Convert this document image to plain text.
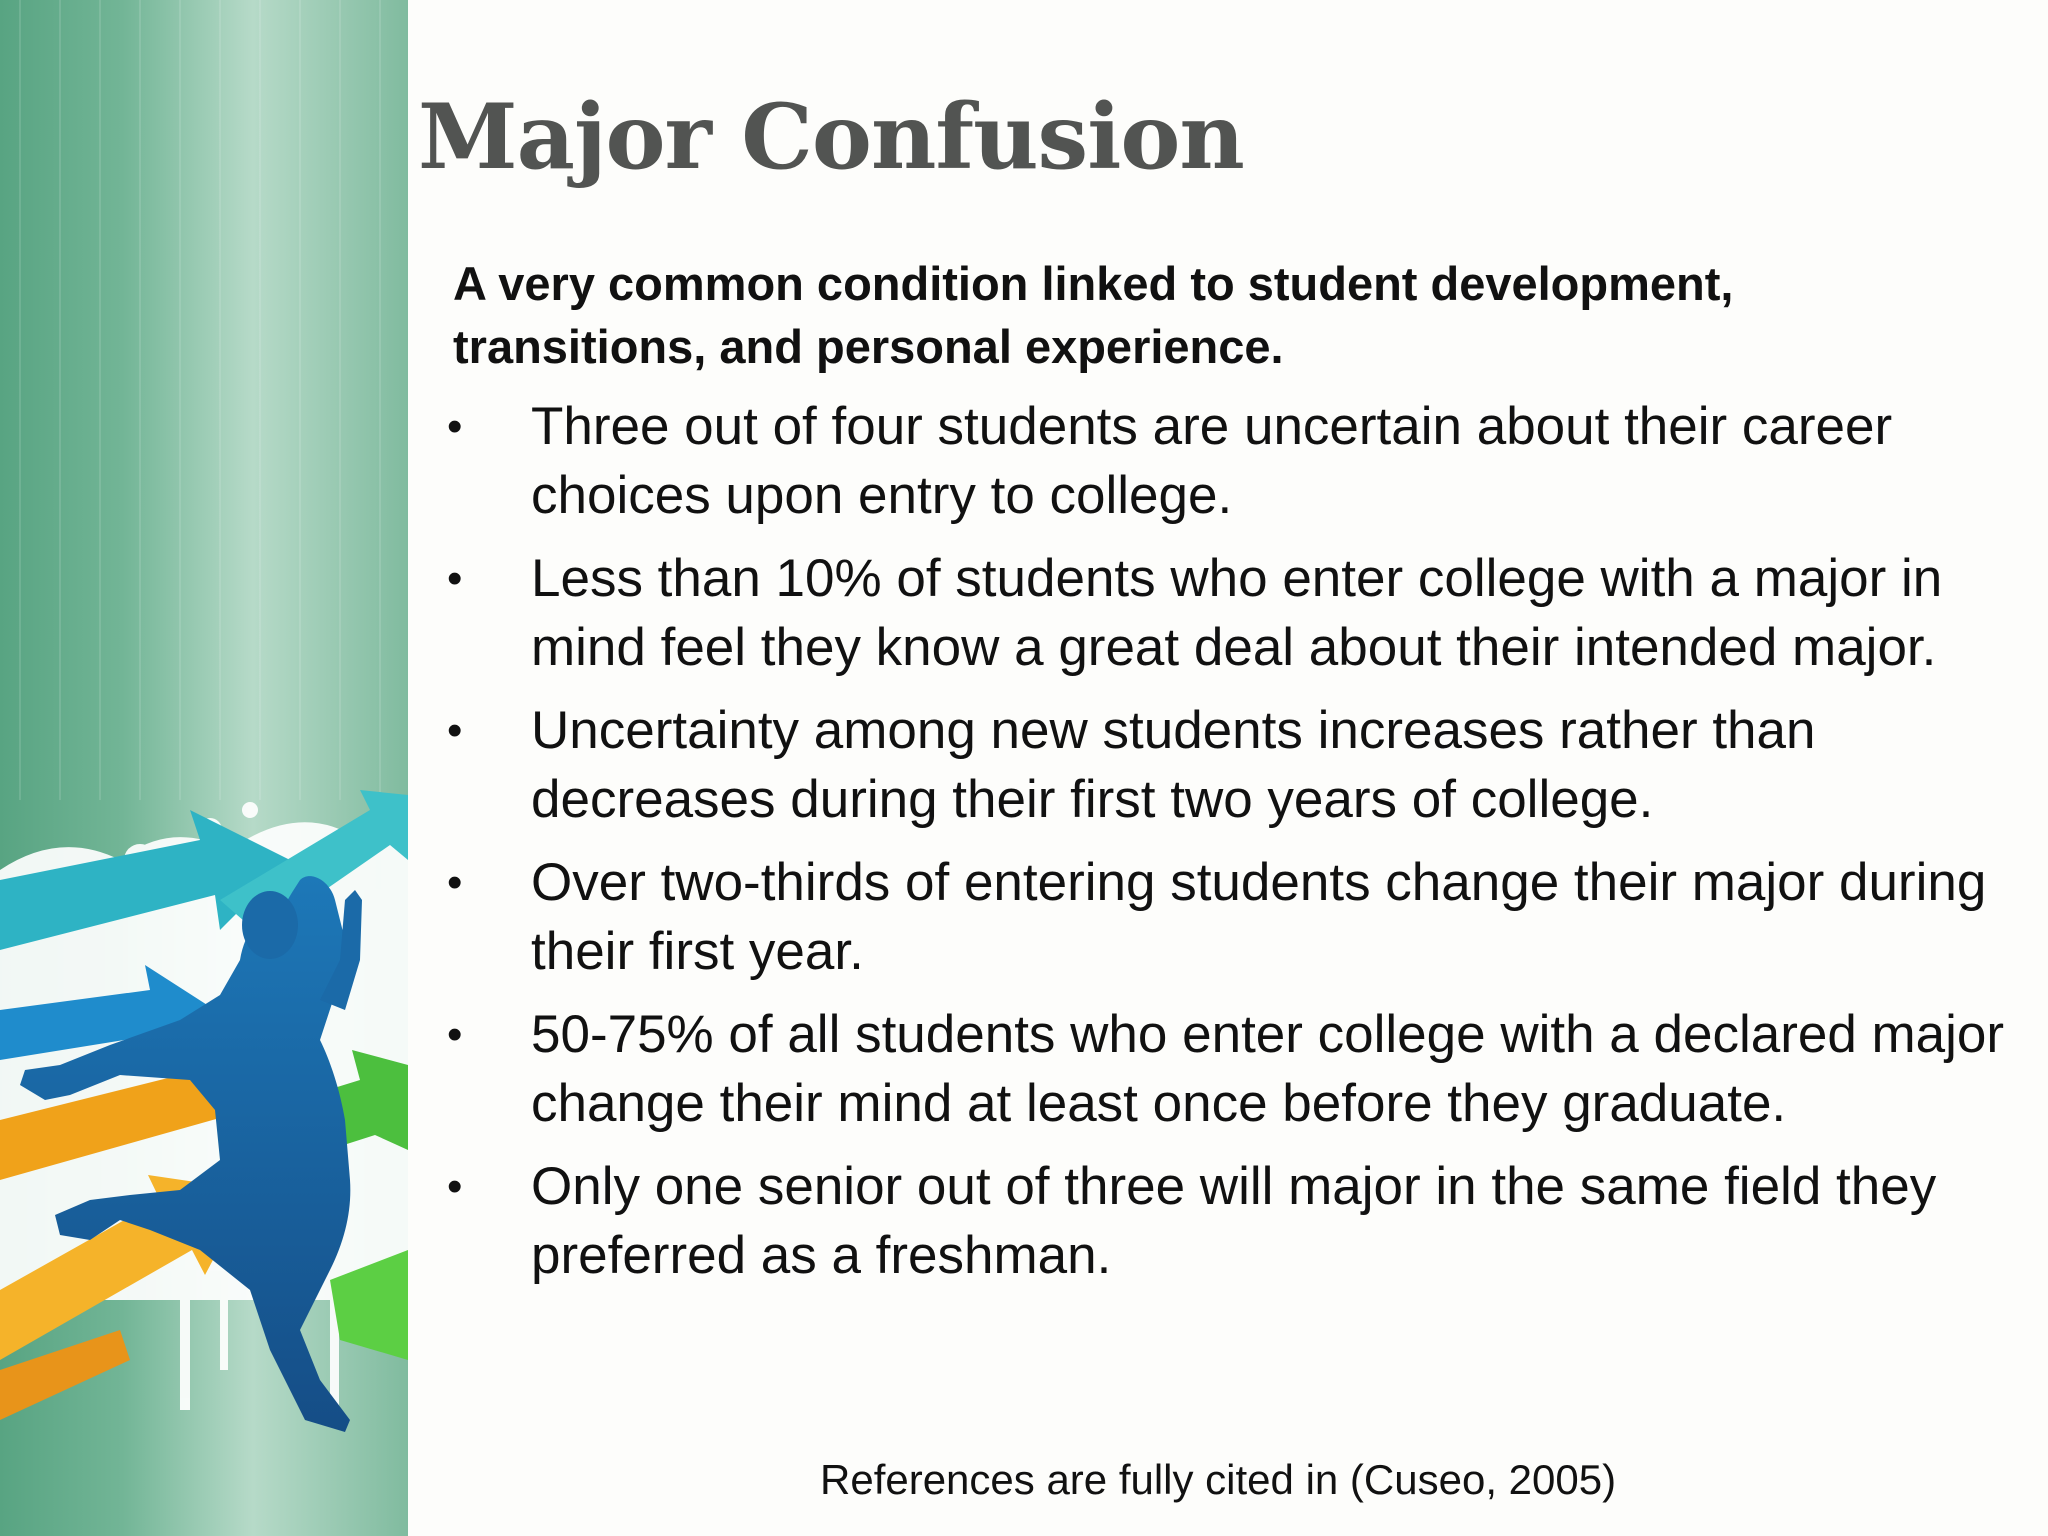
Major Confusion

A very common condition linked to student development, transitions, and personal experience.

•	Three out of four students are uncertain about their career choices upon entry to college.
•	Less than 10% of students who enter college with a major in mind feel they know a great deal about their intended major.
•	Uncertainty among new students increases rather than decreases during their first two years of college.
•	Over two-thirds of entering students change their major during their first year.
•	50-75% of all students who enter college with a declared major change their mind at least once before they graduate.
•	Only one senior out of three will major in the same field they preferred as a freshman.

References are fully cited in (Cuseo, 2005)
